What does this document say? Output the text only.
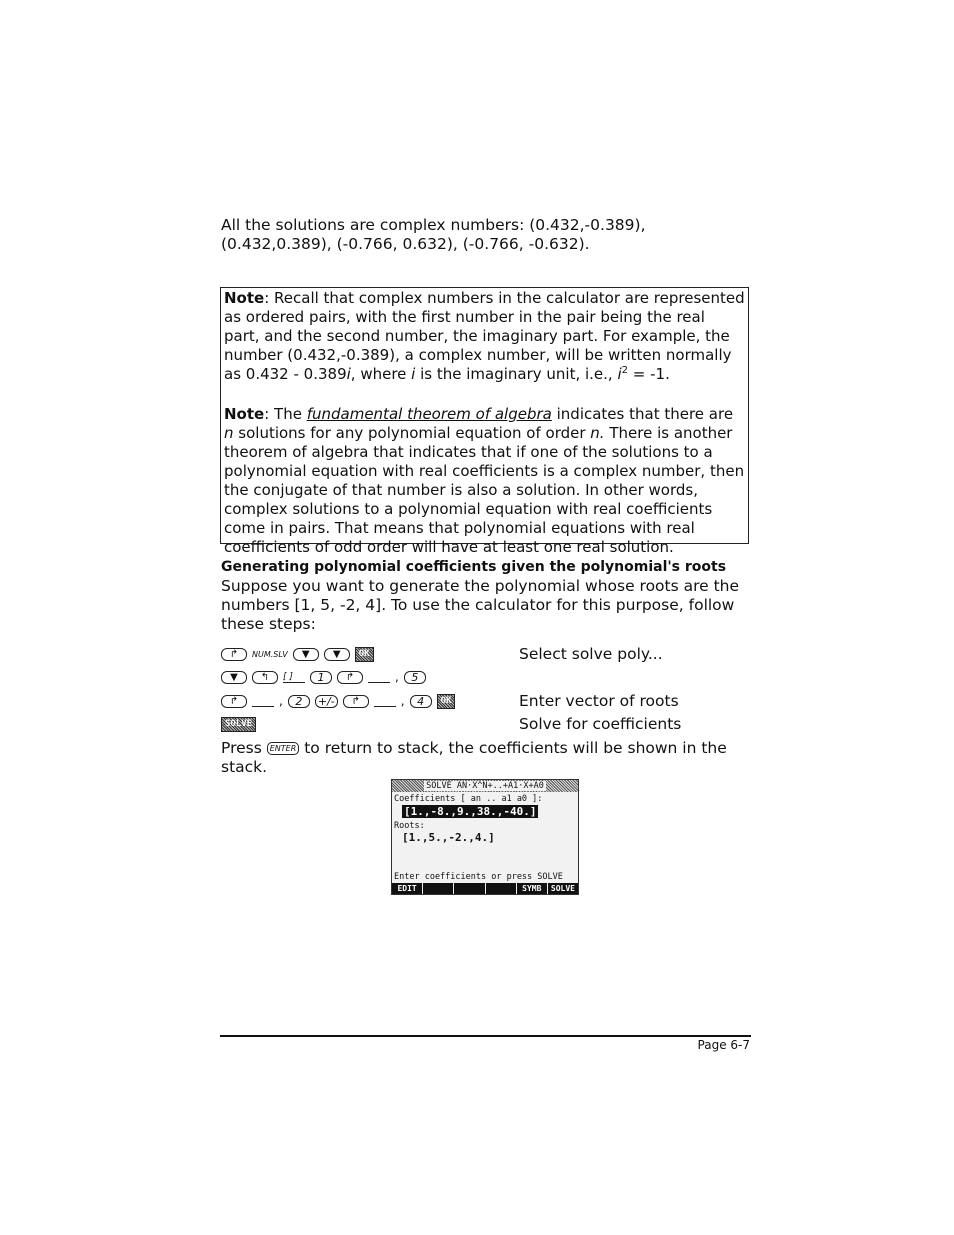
All the solutions are complex numbers: (0.432,-0.389), (0.432,0.389), (-0.766, 0.632), (-0.766, -0.632).

Note: Recall that complex numbers in the calculator are represented as ordered pairs, with the first number in the pair being the real part, and the second number, the imaginary part. For example, the number (0.432,-0.389), a complex number, will be written normally as 0.432 - 0.389i, where i is the imaginary unit, i.e., $i^2 = -1$.

Note: The fundamental theorem of algebra indicates that there are n solutions for any polynomial equation of order n. There is another theorem of algebra that indicates that if one of the solutions to a polynomial equation with real coefficients is a complex number, then the conjugate of that number is also a solution. In other words, complex solutions to a polynomial equation with real coefficients come in pairs. That means that polynomial equations with real coefficients of odd order will have at least one real solution.

Generating polynomial coefficients given the polynomial's roots

Suppose you want to generate the polynomial whose roots are the numbers [1, 5, -2, 4]. To use the calculator for this purpose, follow these steps:

↱	NUM.SLV	▼	▼	OK	Select solve poly...
▼	↰	[ ]	1	↱	,	5
↱	,	2	+/-	↱	,	4	OK	Enter vector of roots
SOLVE	Solve for coefficients

Press ENTER to return to stack, the coefficients will be shown in the stack.

SOLVE AN·X^N+..+A1·X+A0
Coefficients [ an .. a1 a0 ]:
[1.,-8.,9.,38.,-40.]
Roots:
[1.,5.,-2.,4.]
Enter coefficients or press SOLVE
EDIT	SYMB	SOLVE
Page 6-7
